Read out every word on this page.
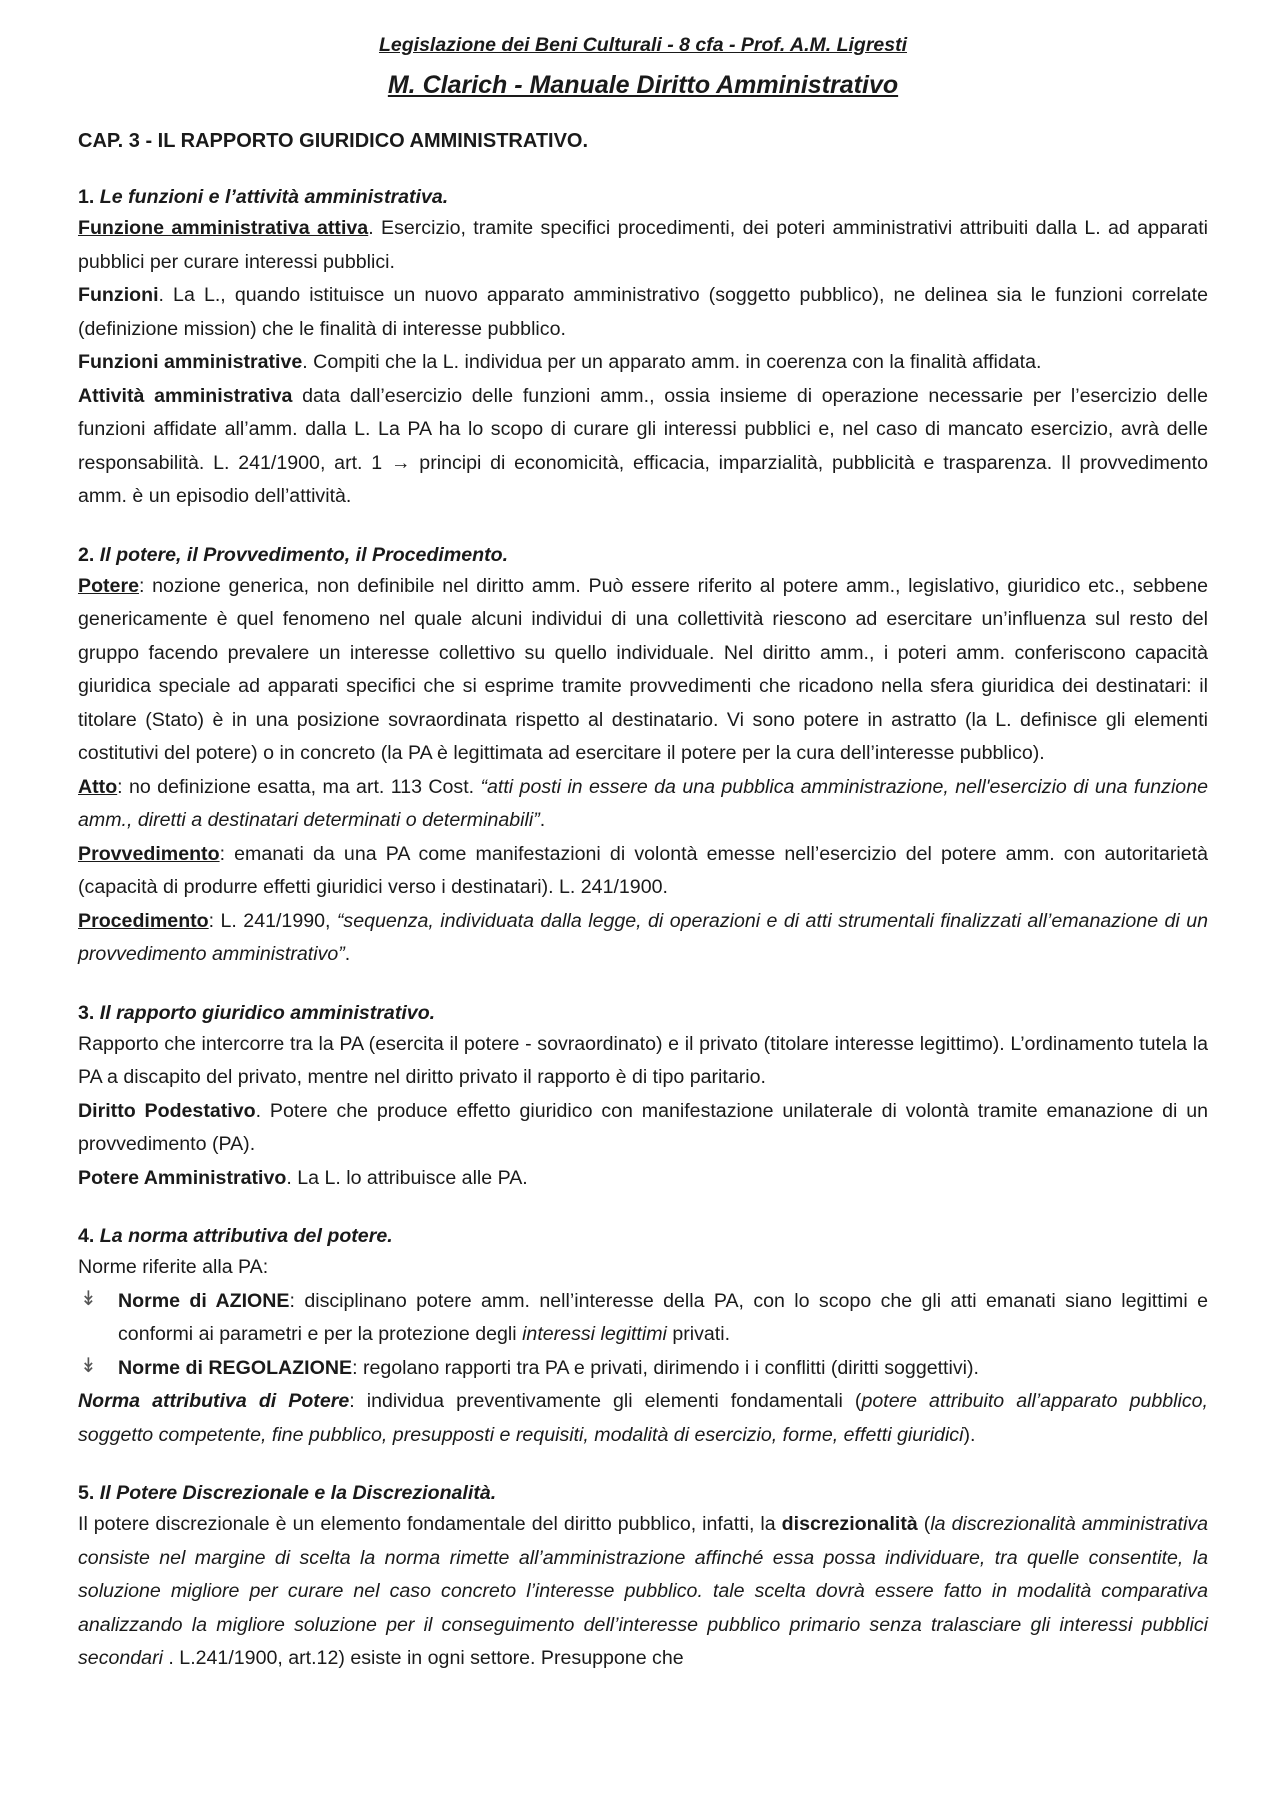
Legislazione dei Beni Culturali - 8 cfa - Prof. A.M. Ligresti
M. Clarich - Manuale Diritto Amministrativo
CAP. 3 - IL RAPPORTO GIURIDICO AMMINISTRATIVO.
1. Le funzioni e l’attività amministrativa.

Funzione amministrativa attiva. Esercizio, tramite specifici procedimenti, dei poteri amministrativi attribuiti dalla L. ad apparati pubblici per curare interessi pubblici.

Funzioni. La L., quando istituisce un nuovo apparato amministrativo (soggetto pubblico), ne delinea sia le funzioni correlate (definizione mission) che le finalità di interesse pubblico.

Funzioni amministrative. Compiti che la L. individua per un apparato amm. in coerenza con la finalità affidata.

Attività amministrativa data dall’esercizio delle funzioni amm., ossia insieme di operazione necessarie per l’esercizio delle funzioni affidate all’amm. dalla L. La PA ha lo scopo di curare gli interessi pubblici e, nel caso di mancato esercizio, avrà delle responsabilità. L. 241/1900, art. 1 → principi di economicità, efficacia, imparzialità, pubblicità e trasparenza. Il provvedimento amm. è un episodio dell’attività.

2. Il potere, il Provvedimento, il Procedimento.

Potere: nozione generica, non definibile nel diritto amm. Può essere riferito al potere amm., legislativo, giuridico etc., sebbene genericamente è quel fenomeno nel quale alcuni individui di una collettività riescono ad esercitare un’influenza sul resto del gruppo facendo prevalere un interesse collettivo su quello individuale. Nel diritto amm., i poteri amm. conferiscono capacità giuridica speciale ad apparati specifici che si esprime tramite provvedimenti che ricadono nella sfera giuridica dei destinatari: il titolare (Stato) è in una posizione sovraordinata rispetto al destinatario. Vi sono potere in astratto (la L. definisce gli elementi costitutivi del potere) o in concreto (la PA è legittimata ad esercitare il potere per la cura dell’interesse pubblico).

Atto: no definizione esatta, ma art. 113 Cost. “atti posti in essere da una pubblica amministrazione, nell'esercizio di una funzione amm., diretti a destinatari determinati o determinabili”.

Provvedimento: emanati da una PA come manifestazioni di volontà emesse nell’esercizio del potere amm. con autoritarietà (capacità di produrre effetti giuridici verso i destinatari). L. 241/1900.

Procedimento: L. 241/1990, “sequenza, individuata dalla legge, di operazioni e di atti strumentali finalizzati all’emanazione di un provvedimento amministrativo”.

3. Il rapporto giuridico amministrativo.

Rapporto che intercorre tra la PA (esercita il potere - sovraordinato) e il privato (titolare interesse legittimo). L’ordinamento tutela la PA a discapito del privato, mentre nel diritto privato il rapporto è di tipo paritario.

Diritto Podestativo. Potere che produce effetto giuridico con manifestazione unilaterale di volontà tramite emanazione di un provvedimento (PA).

Potere Amministrativo. La L. lo attribuisce alle PA.

4. La norma attributiva del potere.

Norme riferite alla PA:

↡ Norme di AZIONE: disciplinano potere amm. nell’interesse della PA, con lo scopo che gli atti emanati siano legittimi e conformi ai parametri e per la protezione degli interessi legittimi privati.
↡ Norme di REGOLAZIONE: regolano rapporti tra PA e privati, dirimendo i i conflitti (diritti soggettivi).

Norma attributiva di Potere: individua preventivamente gli elementi fondamentali (potere attribuito all’apparato pubblico, soggetto competente, fine pubblico, presupposti e requisiti, modalità di esercizio, forme, effetti giuridici).

5. Il Potere Discrezionale e la Discrezionalità.

Il potere discrezionale è un elemento fondamentale del diritto pubblico, infatti, la discrezionalità (la discrezionalità amministrativa consiste nel margine di scelta la norma rimette all’amministrazione affinché essa possa individuare, tra quelle consentite, la soluzione migliore per curare nel caso concreto l’interesse pubblico. tale scelta dovrà essere fatto in modalità comparativa analizzando la migliore soluzione per il conseguimento dell’interesse pubblico primario senza tralasciare gli interessi pubblici secondari . L.241/1900, art.12) esiste in ogni settore. Presuppone che
